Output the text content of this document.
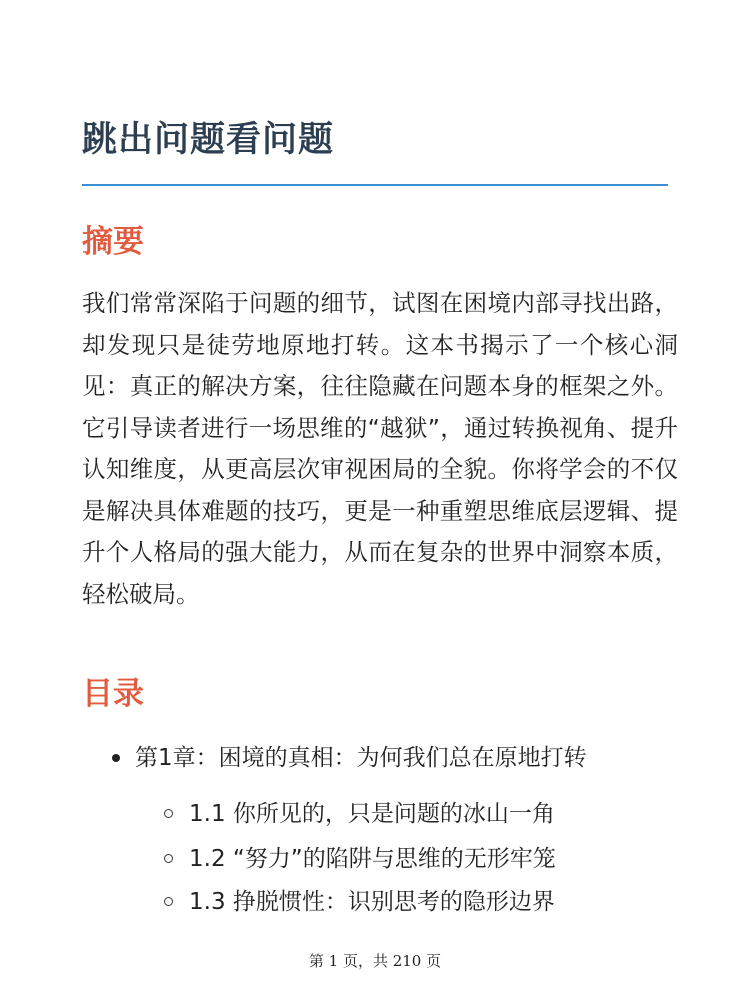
跳出问题看问题
摘要

我们常常深陷于问题的细节，试图在困境内部寻找出路，却发现只是徒劳地原地打转。这本书揭示了一个核心洞见：真正的解决方案，往往隐藏在问题本身的框架之外。它引导读者进行一场思维的“越狱”，通过转换视角、提升认知维度，从更高层次审视困局的全貌。你将学会的不仅是解决具体难题的技巧，更是一种重塑思维底层逻辑、提升个人格局的强大能力，从而在复杂的世界中洞察本质，轻松破局。

目录
第1章：困境的真相：为何我们总在原地打转
1.1 你所见的，只是问题的冰山一角
1.2 “努力”的陷阱与思维的无形牢笼
1.3 挣脱惯性：识别思考的隐形边界
第 1 页，共 210 页
